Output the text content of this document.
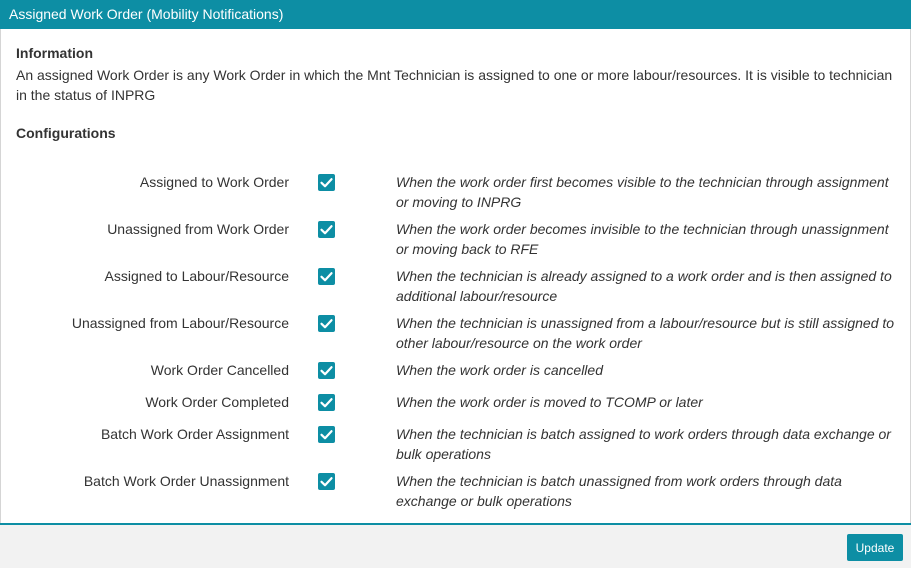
Assigned Work Order (Mobility Notifications)
Information
An assigned Work Order is any Work Order in which the Mnt Technician is assigned to one or more labour/resources. It is visible to technician in the status of INPRG
Configurations
Assigned to Work Order	When the work order first becomes visible to the technician through assignment or moving to INPRG
Unassigned from Work Order	When the work order becomes invisible to the technician through unassignment or moving back to RFE
Assigned to Labour/Resource	When the technician is already assigned to a work order and is then assigned to additional labour/resource
Unassigned from Labour/Resource	When the technician is unassigned from a labour/resource but is still assigned to other labour/resource on the work order
Work Order Cancelled	When the work order is cancelled
Work Order Completed	When the work order is moved to TCOMP or later
Batch Work Order Assignment	When the technician is batch assigned to work orders through data exchange or bulk operations
Batch Work Order Unassignment	When the technician is batch unassigned from work orders through data exchange or bulk operations
Update
